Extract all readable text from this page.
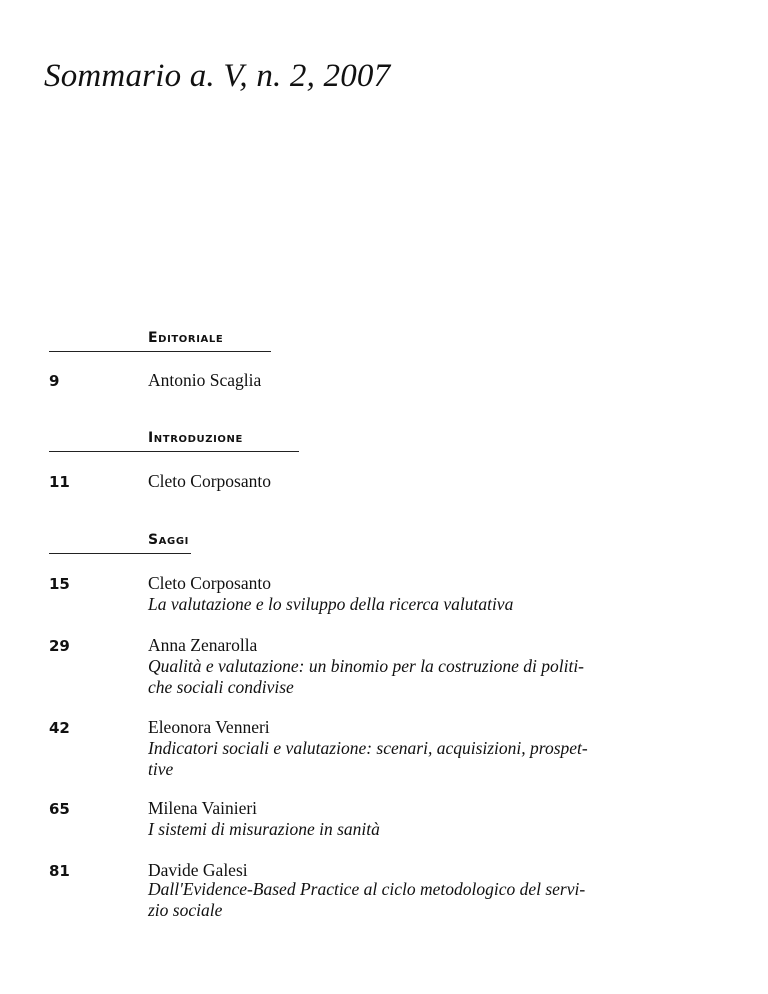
Sommario a. V, n. 2, 2007
Editoriale
9	Antonio Scaglia
Introduzione
11	Cleto Corposanto
Saggi
15	Cleto Corposanto
La valutazione e lo sviluppo della ricerca valutativa
29	Anna Zenarolla
Qualità e valutazione: un binomio per la costruzione di politi-
che sociali condivise
42	Eleonora Venneri
Indicatori sociali e valutazione: scenari, acquisizioni, prospet-
tive
65	Milena Vainieri
I sistemi di misurazione in sanità
81	Davide Galesi
Dall'Evidence-Based Practice al ciclo metodologico del servi-
zio sociale
